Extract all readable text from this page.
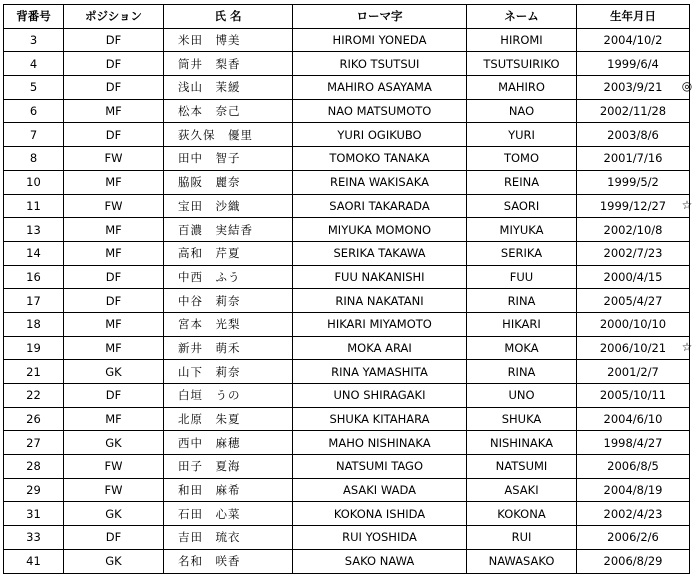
背番号	ポジション	氏 名	ローマ字	ネーム	生年月日
3	DF	米田　博美	HIROMI YONEDA	HIROMI	2004/10/2
4	DF	筒井　梨香	RIKO TSUTSUI	TSUTSUIRIKO	1999/6/4
5	DF	浅山　茉緩	MAHIRO ASAYAMA	MAHIRO	2003/9/21
6	MF	松本　奈己	NAO MATSUMOTO	NAO	2002/11/28
7	DF	荻久保　優里	YURI OGIKUBO	YURI	2003/8/6
8	FW	田中　智子	TOMOKO TANAKA	TOMO	2001/7/16
10	MF	脇阪　麗奈	REINA WAKISAKA	REINA	1999/5/2
11	FW	宝田　沙織	SAORI TAKARADA	SAORI	1999/12/27
13	MF	百濃　実結香	MIYUKA MOMONO	MIYUKA	2002/10/8
14	MF	高和　芹夏	SERIKA TAKAWA	SERIKA	2002/7/23
16	DF	中西　ふう	FUU NAKANISHI	FUU	2000/4/15
17	DF	中谷　莉奈	RINA NAKATANI	RINA	2005/4/27
18	MF	宮本　光梨	HIKARI MIYAMOTO	HIKARI	2000/10/10
19	MF	新井　萌禾	MOKA ARAI	MOKA	2006/10/21
21	GK	山下　莉奈	RINA YAMASHITA	RINA	2001/2/7
22	DF	白垣　うの	UNO SHIRAGAKI	UNO	2005/10/11
26	MF	北原　朱夏	SHUKA KITAHARA	SHUKA	2004/6/10
27	GK	西中　麻穂	MAHO NISHINAKA	NISHINAKA	1998/4/27
28	FW	田子　夏海	NATSUMI TAGO	NATSUMI	2006/8/5
29	FW	和田　麻希	ASAKI WADA	ASAKI	2004/8/19
31	GK	石田　心菜	KOKONA ISHIDA	KOKONA	2002/4/23
33	DF	吉田　琉衣	RUI YOSHIDA	RUI	2006/2/6
41	GK	名和　咲香	SAKO NAWA	NAWASAKO	2006/8/29
◎
☆
☆
